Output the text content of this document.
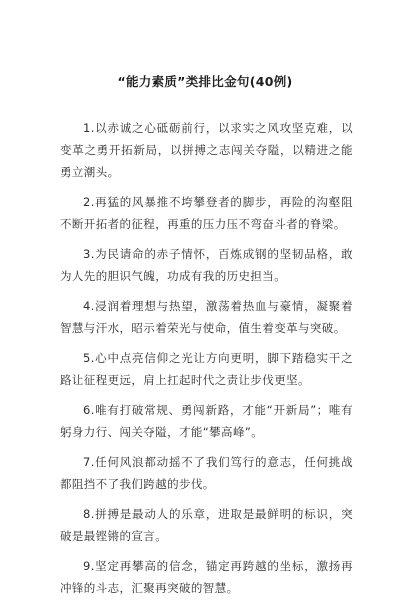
“能力素质”类排比金句(40例)

1.以赤诚之心砥砺前行，以求实之风攻坚克难，以变革之勇开拓新局，以拼搏之志闯关夺隘，以精进之能勇立潮头。

2.再猛的风暴推不垮攀登者的脚步，再险的沟壑阻不断开拓者的征程，再重的压力压不弯奋斗者的脊梁。

3.为民请命的赤子情怀，百炼成钢的坚韧品格，敢为人先的胆识气魄，功成有我的历史担当。

4.浸润着理想与热望，激荡着热血与豪情，凝聚着智慧与汗水，昭示着荣光与使命，值生着变革与突破。

5.心中点亮信仰之光让方向更明，脚下踏稳实干之路让征程更远，肩上扛起时代之责让步伐更坚。

6.唯有打破常规、勇闯新路，才能“开新局”；唯有躬身力行、闯关夺隘，才能“攀高峰”。

7.任何风浪都动摇不了我们笃行的意志，任何挑战都阻挡不了我们跨越的步伐。

8.拼搏是最动人的乐章，进取是最鲜明的标识，突破是最铿锵的宣言。

9.坚定再攀高的信念，锚定再跨越的坐标，激扬再冲锋的斗志，汇聚再突破的智慧。
